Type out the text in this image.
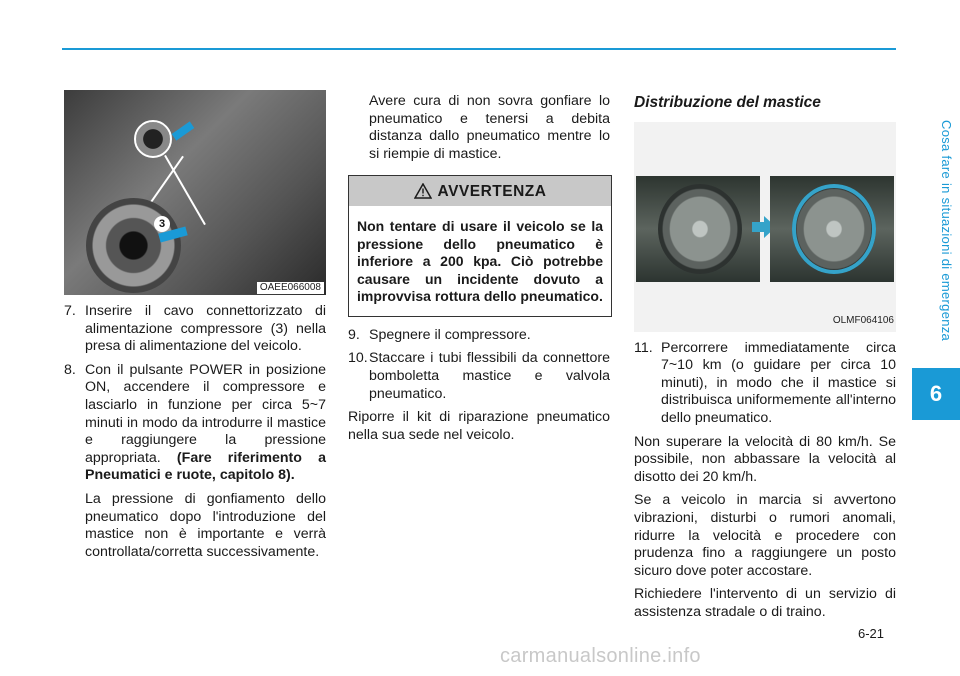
Cosa fare in situazioni di emergenza
6
3
OAEE066008
7. Inserire il cavo connettorizzato di alimentazione compressore (3) nella presa di alimentazione del veicolo.

8. Con il pulsante POWER in posizione ON, accendere il compressore e lasciarlo in funzione per circa 5~7 minuti in modo da introdurre il mastice e raggiungere la pressione appropriata. (Fare riferimento a Pneumatici e ruote, capitolo 8).

La pressione di gonfiamento dello pneumatico dopo l'introduzione del mastice non è importante e verrà controllata/corretta successivamente.

Avere cura di non sovra gonfiare lo pneumatico e tenersi a debita distanza dallo pneumatico mentre lo si riempie di mastice.

AVVERTENZA
Non tentare di usare il veicolo se la pressione dello pneumatico è inferiore a 200 kpa. Ciò potrebbe causare un incidente dovuto a improvvisa rottura dello pneumatico.
9. Spegnere il compressore.

10. Staccare i tubi flessibili da connettore bomboletta mastice e valvola pneumatico.

Riporre il kit di riparazione pneumatico nella sua sede nel veicolo.

Distribuzione del mastice
OLMF064106
11. Percorrere immediatamente circa 7~10 km (o guidare per circa 10 minuti), in modo che il mastice si distribuisca uniformemente all'interno dello pneumatico.

Non superare la velocità di 80 km/h. Se possibile, non abbassare la velocità al disotto dei 20 km/h.

Se a veicolo in marcia si avvertono vibrazioni, disturbi o rumori anomali, ridurre la velocità e procedere con prudenza fino a raggiungere un posto sicuro dove poter accostare.

Richiedere l'intervento di un servizio di assistenza stradale o di traino.

6-21
carmanualsonline.info
